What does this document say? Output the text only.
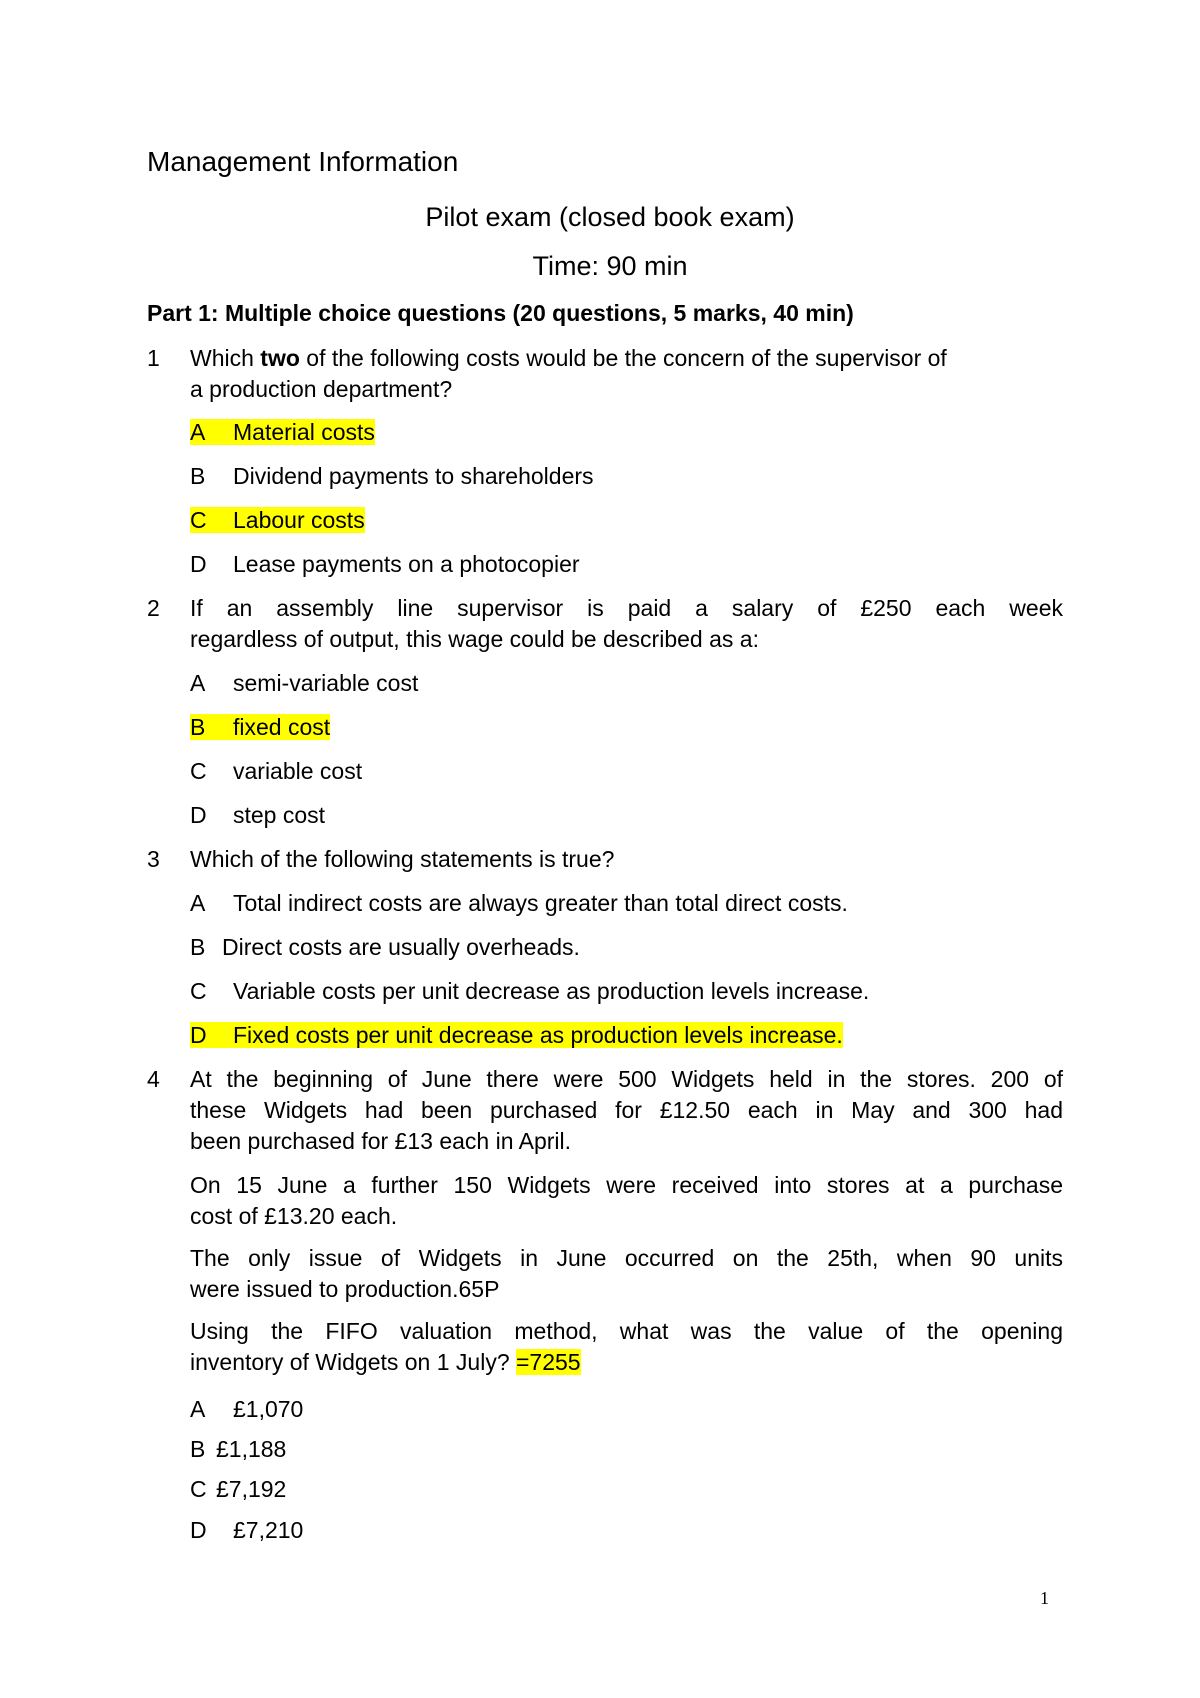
Management Information
Pilot exam (closed book exam)
Time: 90 min
Part 1: Multiple choice questions (20 questions, 5 marks, 40 min)
1 Which two of the following costs would be the concern of the supervisor of
a production department?
A Material costs
B Dividend payments to shareholders
C Labour costs
D Lease payments on a photocopier
2 If an assembly line supervisor is paid a salary of £250 each week
regardless of output, this wage could be described as a:
A semi-variable cost
B fixed cost
C variable cost
D step cost
3 Which of the following statements is true?
A Total indirect costs are always greater than total direct costs.
B Direct costs are usually overheads.
C Variable costs per unit decrease as production levels increase.
D Fixed costs per unit decrease as production levels increase.
4 At the beginning of June there were 500 Widgets held in the stores. 200 of
these Widgets had been purchased for £12.50 each in May and 300 had
been purchased for £13 each in April.
On 15 June a further 150 Widgets were received into stores at a purchase
cost of £13.20 each.
The only issue of Widgets in June occurred on the 25th, when 90 units
were issued to production.65P
Using the FIFO valuation method, what was the value of the opening
inventory of Widgets on 1 July? =7255
A £1,070
B £1,188
C £7,192
D £7,210
1
